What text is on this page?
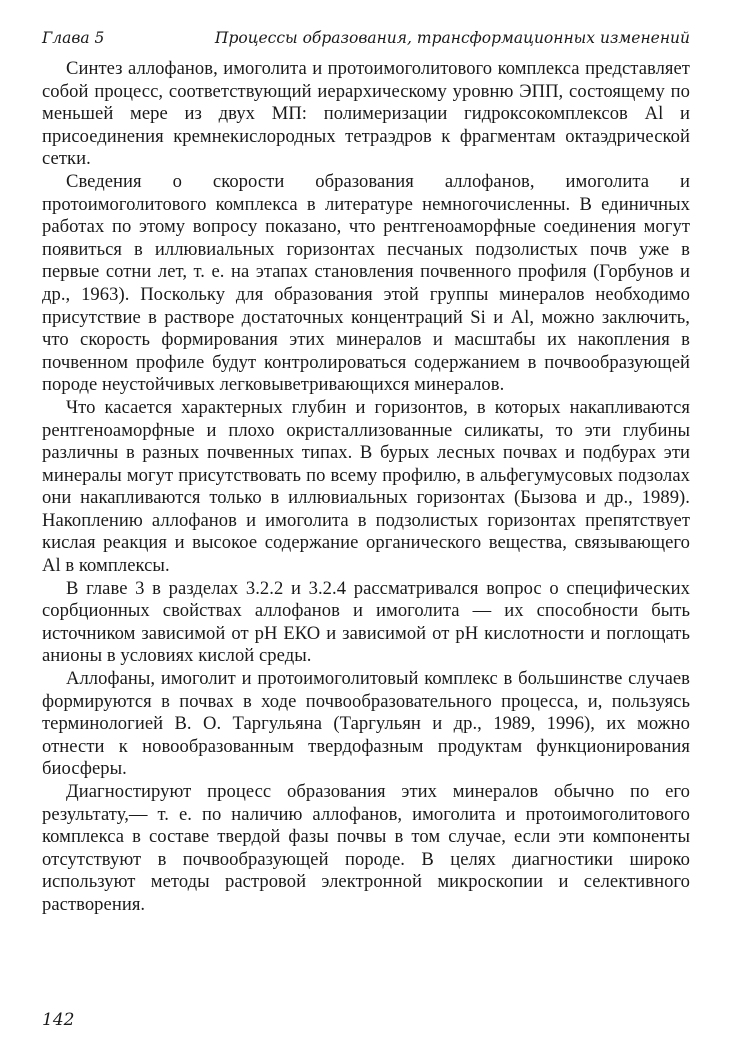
Глава 5	Процессы образования, трансформационных изменений

Синтез аллофанов, имоголита и протоимоголитового комплекса представляет собой процесс, соответствующий иерархическому уровню ЭПП, состоящему по меньшей мере из двух МП: полимеризации гидроксокомплексов Al и присоединения кремнекислородных тетраэдров к фрагментам октаэдрической сетки.

Сведения о скорости образования аллофанов, имоголита и протоимоголитового комплекса в литературе немногочисленны. В единичных работах по этому вопросу показано, что рентгеноаморфные соединения могут появиться в иллювиальных горизонтах песчаных подзолистых почв уже в первые сотни лет, т. е. на этапах становления почвенного профиля (Горбунов и др., 1963). Поскольку для образования этой группы минералов необходимо присутствие в растворе достаточных концентраций Si и Al, можно заключить, что скорость формирования этих минералов и масштабы их накопления в почвенном профиле будут контролироваться содержанием в почвообразующей породе неустойчивых легковыветривающихся минералов.

Что касается характерных глубин и горизонтов, в которых накапливаются рентгеноаморфные и плохо окристаллизованные силикаты, то эти глубины различны в разных почвенных типах. В бурых лесных почвах и подбурах эти минералы могут присутствовать по всему профилю, в альфегумусовых подзолах они накапливаются только в иллювиальных горизонтах (Бызова и др., 1989). Накоплению аллофанов и имоголита в подзолистых горизонтах препятствует кислая реакция и высокое содержание органического вещества, связывающего Al в комплексы.

В главе 3 в разделах 3.2.2 и 3.2.4 рассматривался вопрос о специфических сорбционных свойствах аллофанов и имоголита — их способности быть источником зависимой от pH ЕКО и зависимой от pH кислотности и поглощать анионы в условиях кислой среды.

Аллофаны, имоголит и протоимоголитовый комплекс в большинстве случаев формируются в почвах в ходе почвообразовательного процесса, и, пользуясь терминологией В. О. Таргульяна (Таргульян и др., 1989, 1996), их можно отнести к новообразованным твердофазным продуктам функционирования биосферы.

Диагностируют процесс образования этих минералов обычно по его результату,— т. е. по наличию аллофанов, имоголита и протоимоголитового комплекса в составе твердой фазы почвы в том случае, если эти компоненты отсутствуют в почвообразующей породе. В целях диагностики широко используют методы растровой электронной микроскопии и селективного растворения.

142
